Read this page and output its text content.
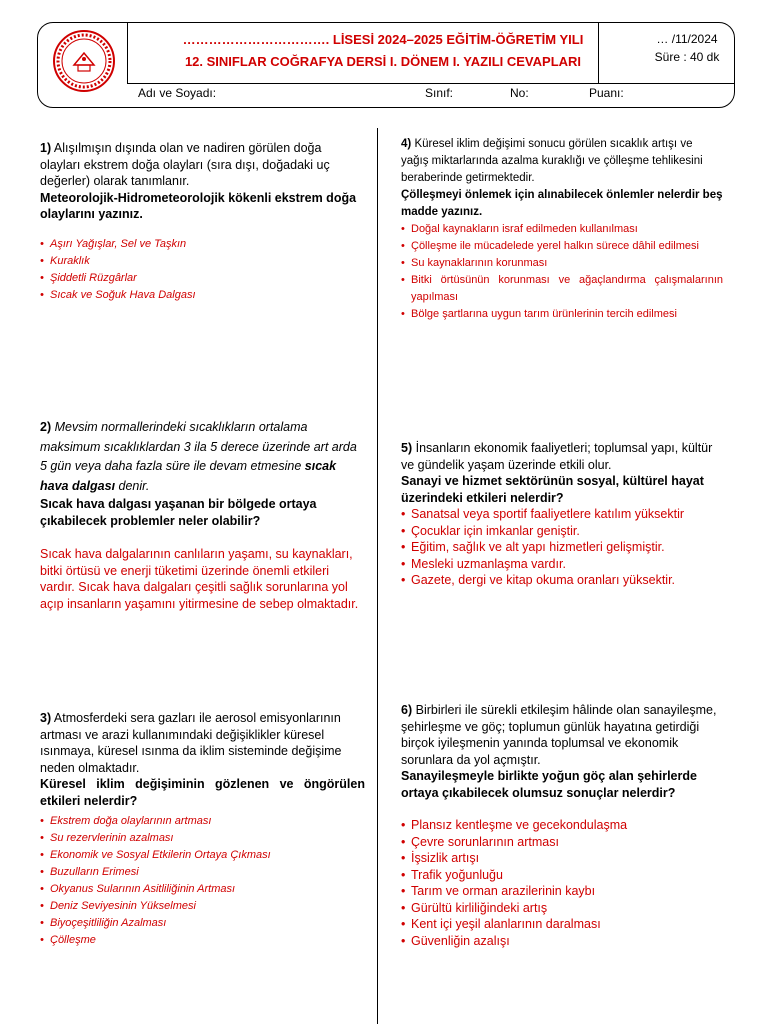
……………………………. LİSESİ 2024–2025 EĞİTİM-ÖĞRETİM YILI
12. SINIFLAR COĞRAFYA DERSİ I. DÖNEM I. YAZILI CEVAPLARI
… /11/2024
Süre : 40 dk
Adı ve Soyadı:	Sınıf:	No:	Puanı:

1) Alışılmışın dışında olan ve nadiren görülen doğa olayları ekstrem doğa olayları (sıra dışı, doğadaki uç değerler) olarak tanımlanır.

Meteorolojik-Hidrometeorolojik kökenli ekstrem doğa olaylarını yazınız.

• Aşırı Yağışlar, Sel ve Taşkın
• Kuraklık
• Şiddetli Rüzgârlar
• Sıcak ve Soğuk Hava Dalgası

2) Mevsim normallerindeki sıcaklıkların ortalama maksimum sıcaklıklardan 3 ila 5 derece üzerinde art arda 5 gün veya daha fazla süre ile devam etmesine sıcak hava dalgası denir.

Sıcak hava dalgası yaşanan bir bölgede ortaya çıkabilecek problemler neler olabilir?

Sıcak hava dalgalarının canlıların yaşamı, su kaynakları, bitki örtüsü ve enerji tüketimi üzerinde önemli etkileri vardır. Sıcak hava dalgaları çeşitli sağlık sorunlarına yol açıp insanların yaşamını yitirmesine de sebep olmaktadır.

3) Atmosferdeki sera gazları ile aerosol emisyonlarının artması ve arazi kullanımındaki değişiklikler küresel ısınmaya, küresel ısınma da iklim sisteminde değişime neden olmaktadır.

Küresel iklim değişiminin gözlenen ve öngörülen etkileri nelerdir?

• Ekstrem doğa olaylarının artması
• Su rezervlerinin azalması
• Ekonomik ve Sosyal Etkilerin Ortaya Çıkması
• Buzulların Erimesi
• Okyanus Sularının Asitliliğinin Artması
• Deniz Seviyesinin Yükselmesi
• Biyoçeşitliliğin Azalması
• Çölleşme

4) Küresel iklim değişimi sonucu görülen sıcaklık artışı ve yağış miktarlarında azalma kuraklığı ve çölleşme tehlikesini beraberinde getirmektedir.

Çölleşmeyi önlemek için alınabilecek önlemler nelerdir beş madde yazınız.

• Doğal kaynakların israf edilmeden kullanılması
• Çölleşme ile mücadelede yerel halkın sürece dâhil edilmesi
• Su kaynaklarının korunması
• Bitki örtüsünün korunması ve ağaçlandırma çalışmalarının yapılması
• Bölge şartlarına uygun tarım ürünlerinin tercih edilmesi

5) İnsanların ekonomik faaliyetleri; toplumsal yapı, kültür ve gündelik yaşam üzerinde etkili olur.

Sanayi ve hizmet sektörünün sosyal, kültürel hayat üzerindeki etkileri nelerdir?

• Sanatsal veya sportif faaliyetlere katılım yüksektir
• Çocuklar için imkanlar geniştir.
• Eğitim, sağlık ve alt yapı hizmetleri gelişmiştir.
• Mesleki uzmanlaşma vardır.
• Gazete, dergi ve kitap okuma oranları yüksektir.

6) Birbirleri ile sürekli etkileşim hâlinde olan sanayileşme, şehirleşme ve göç; toplumun günlük hayatına getirdiği birçok iyileşmenin yanında toplumsal ve ekonomik sorunlara da yol açmıştır.

Sanayileşmeyle birlikte yoğun göç alan şehirlerde ortaya çıkabilecek olumsuz sonuçlar nelerdir?

• Plansız kentleşme ve gecekondulaşma
• Çevre sorunlarının artması
• İşsizlik artışı
• Trafik yoğunluğu
• Tarım ve orman arazilerinin kaybı
• Gürültü kirliliğindeki artış
• Kent içi yeşil alanlarının daralması
• Güvenliğin azalışı
